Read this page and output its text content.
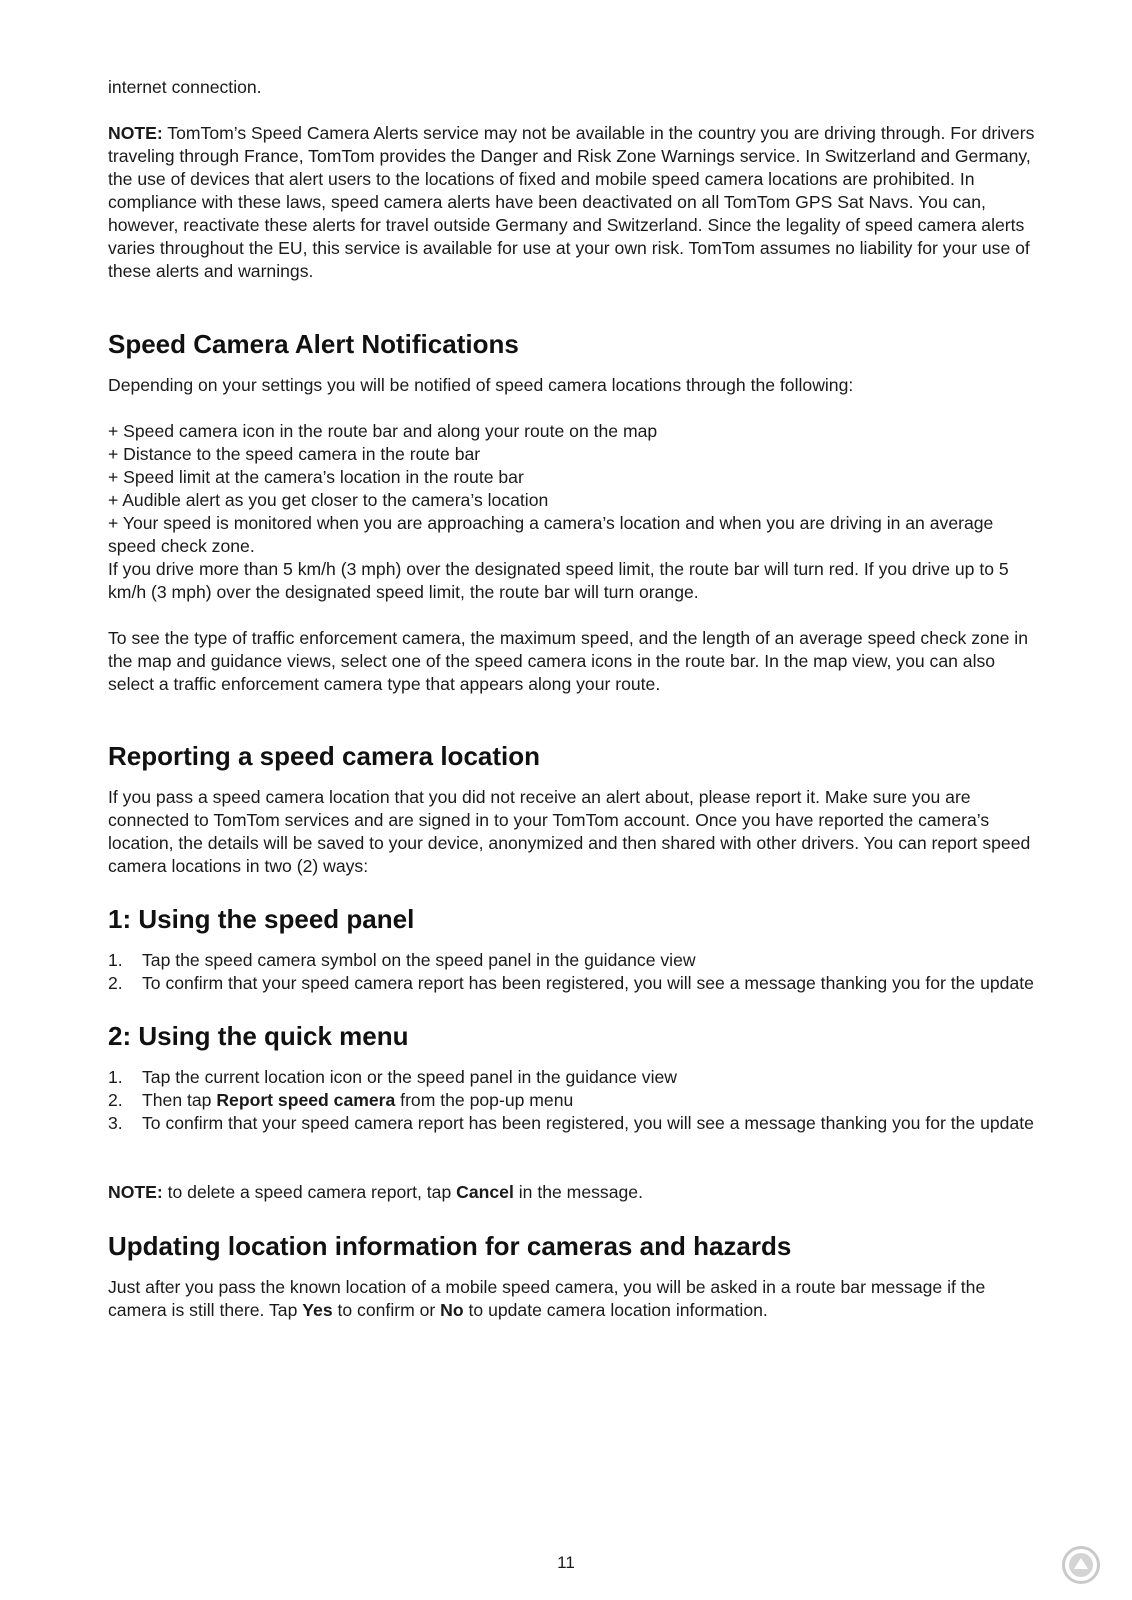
internet connection.

NOTE: TomTom’s Speed Camera Alerts service may not be available in the country you are driving through. For drivers traveling through France, TomTom provides the Danger and Risk Zone Warnings service. In Switzerland and Germany, the use of devices that alert users to the locations of fixed and mobile speed camera locations are prohibited. In compliance with these laws, speed camera alerts have been deactivated on all TomTom GPS Sat Navs. You can, however, reactivate these alerts for travel outside Germany and Switzerland. Since the legality of speed camera alerts varies throughout the EU, this service is available for use at your own risk. TomTom assumes no liability for your use of these alerts and warnings.

Speed Camera Alert Notifications

Depending on your settings you will be notified of speed camera locations through the following:

+ Speed camera icon in the route bar and along your route on the map

+ Distance to the speed camera in the route bar

+ Speed limit at the camera’s location in the route bar

+ Audible alert as you get closer to the camera’s location

+ Your speed is monitored when you are approaching a camera’s location and when you are driving in an average speed check zone.

If you drive more than 5 km/h (3 mph) over the designated speed limit, the route bar will turn red. If you drive up to 5 km/h (3 mph) over the designated speed limit, the route bar will turn orange.

To see the type of traffic enforcement camera, the maximum speed, and the length of an average speed check zone in the map and guidance views, select one of the speed camera icons in the route bar. In the map view, you can also select a traffic enforcement camera type that appears along your route.

Reporting a speed camera location

If you pass a speed camera location that you did not receive an alert about, please report it. Make sure you are connected to TomTom services and are signed in to your TomTom account. Once you have reported the camera’s location, the details will be saved to your device, anonymized and then shared with other drivers. You can report speed camera locations in two (2) ways:

1: Using the speed panel
1.	Tap the speed camera symbol on the speed panel in the guidance view
2.	To confirm that your speed camera report has been registered, you will see a message thanking you for the update
2: Using the quick menu
1.	Tap the current location icon or the speed panel in the guidance view
2.	Then tap Report speed camera from the pop-up menu
3.	To confirm that your speed camera report has been registered, you will see a message thanking you for the update

NOTE: to delete a speed camera report, tap Cancel in the message.

Updating location information for cameras and hazards

Just after you pass the known location of a mobile speed camera, you will be asked in a route bar message if the camera is still there. Tap Yes to confirm or No to update camera location information.

11
